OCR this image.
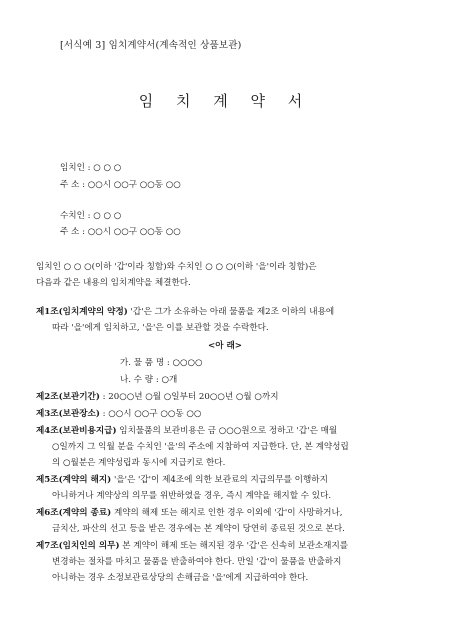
[서식예 3] 임치계약서(계속적인 상품보관)
임 치 계 약 서
임치인 : ○ ○ ○
주 소 : ○○시 ○○구 ○○동 ○○
수치인 : ○ ○ ○
주 소 : ○○시 ○○구 ○○동 ○○
임치인 ○ ○ ○(이하 '갑'이라 칭함)와 수치인 ○ ○ ○(이하 '을'이라 칭함)은
다음과 같은 내용의 임치계약을 체결한다.
제1조(임치계약의 약정) '갑'은 그가 소유하는 아래 물품을 제2조 이하의 내용에
따라 '을'에게 임치하고, '을'은 이를 보관할 것을 수락한다.
<아 래>
가. 물 품 명 : ○○○○
나. 수 량 : ○개
제2조(보관기간) : 20○○년 ○월 ○일부터 20○○년 ○월 ○까지
제3조(보관장소) : ○○시 ○○구 ○○동 ○○
제4조(보관비용지급) 임치물품의 보관비용은 금 ○○○원으로 정하고 '갑'은 매월
○일까지 그 익월 분을 수치인 '을'의 주소에 지참하여 지급한다. 단, 본 계약성립
의 ○월분은 계약성립과 동시에 지급키로 한다.
제5조(계약의 해지) '을'은 '갑'이 제4조에 의한 보관료의 지급의무를 이행하지
아니하거나 계약상의 의무를 위반하였을 경우, 즉시 계약을 해지할 수 있다.
제6조(계약의 종료) 계약의 해제 또는 해지로 인한 경우 이외에 '갑'이 사망하거나,
금치산, 파산의 선고 등을 받은 경우에는 본 계약이 당연히 종료된 것으로 본다.
제7조(임치인의 의무) 본 계약이 해제 또는 해지된 경우 '갑'은 신속히 보관소재지를
변경하는 절차를 마치고 물품을 반출하여야 한다. 만일 '갑'이 물품을 반출하지
아니하는 경우 소정보관료상당의 손해금을 '을'에게 지급하여야 한다.
